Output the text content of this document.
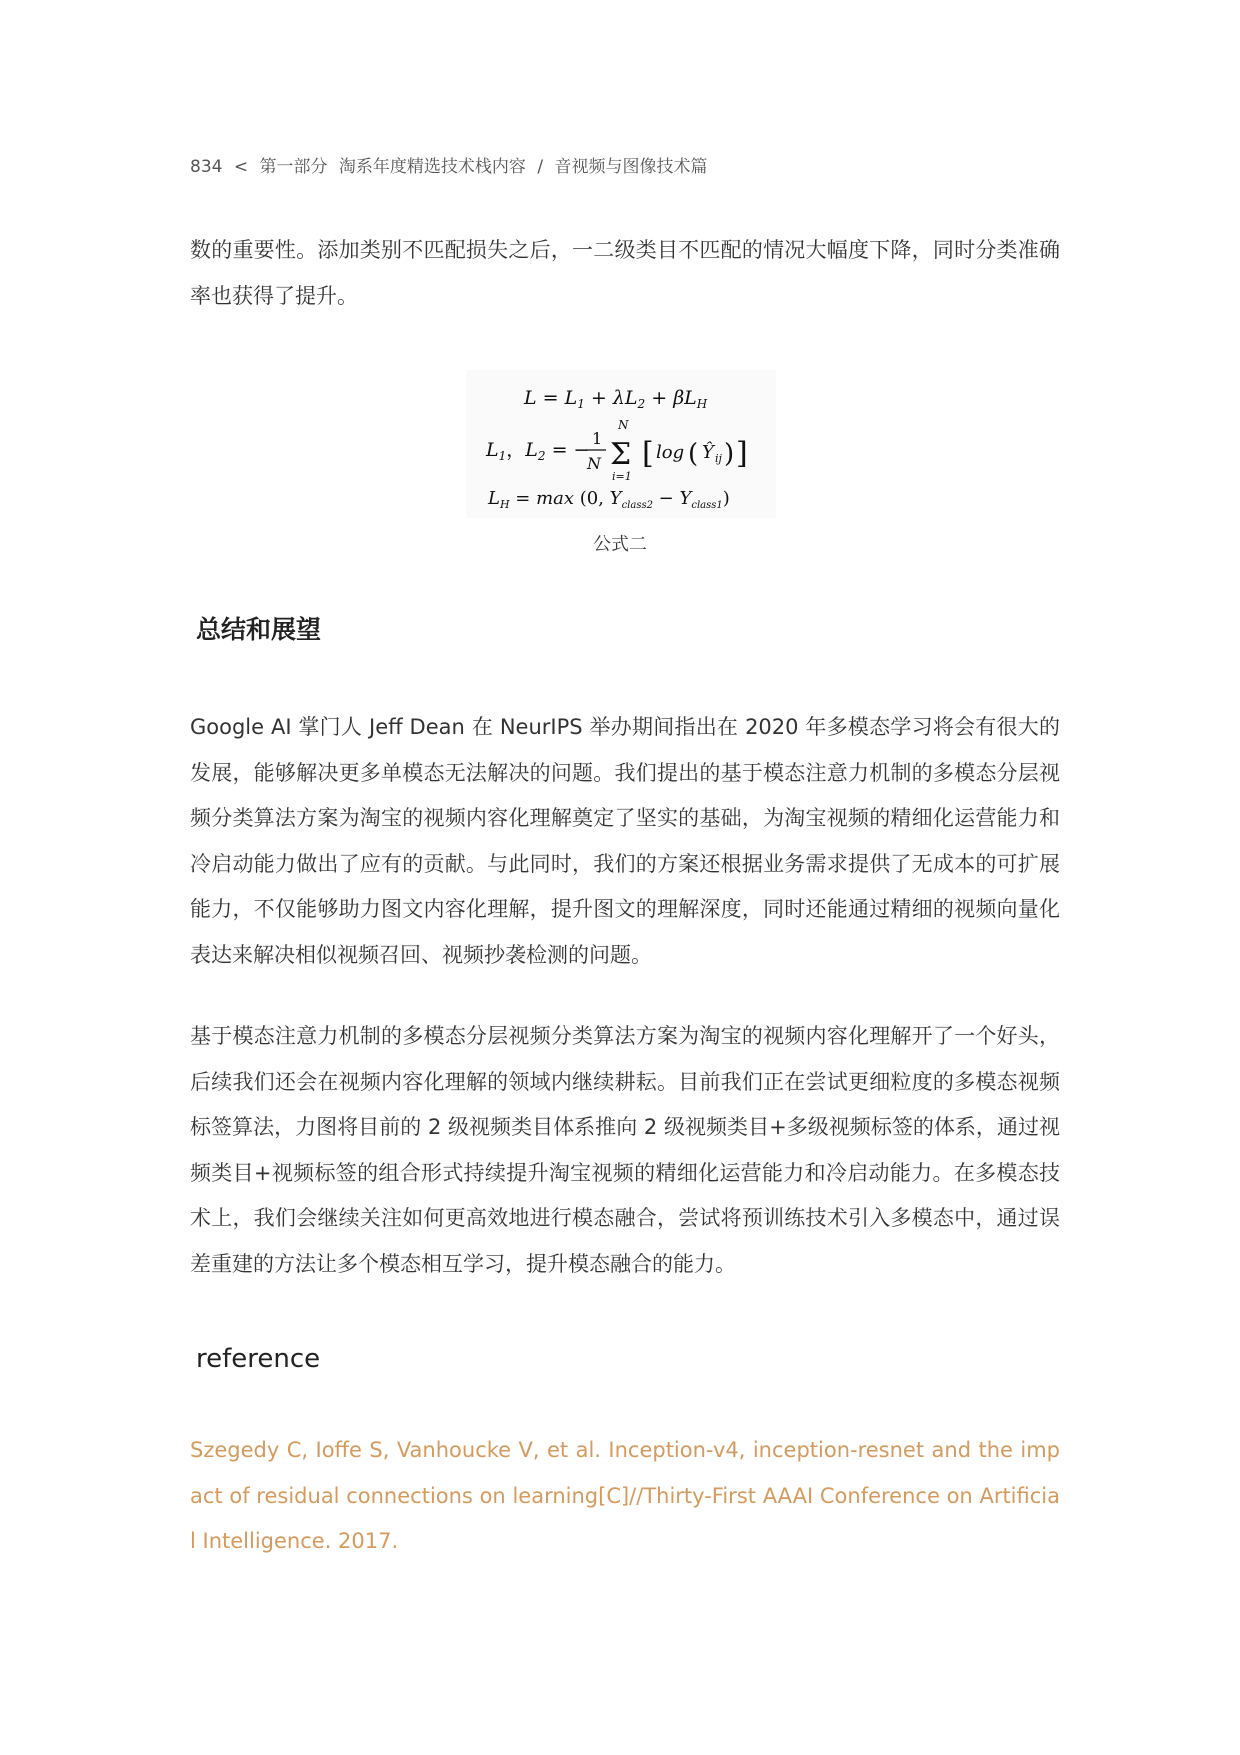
834 < 第一部分 淘系年度精选技术栈内容 / 音视频与图像技术篇

数的重要性。添加类别不匹配损失之后，一二级类目不匹配的情况大幅度下降，同时分类准确率也获得了提升。

$L = L_1 + \lambda L_2 + \beta L_H$
$L_1$，$L_2$ = −
1
N
N
Σ
i=1
[ log ( Ŷ ij ) ]
$L_H = \max (0$, $Y_{class2} - Y_{class1}$)
公式二
总结和展望

Google AI 掌门人 Jeff Dean 在 NeurIPS 举办期间指出在 2020 年多模态学习将会有很大的发展，能够解决更多单模态无法解决的问题。我们提出的基于模态注意力机制的多模态分层视频分类算法方案为淘宝的视频内容化理解奠定了坚实的基础，为淘宝视频的精细化运营能力和冷启动能力做出了应有的贡献。与此同时，我们的方案还根据业务需求提供了无成本的可扩展能力，不仅能够助力图文内容化理解，提升图文的理解深度，同时还能通过精细的视频向量化表达来解决相似视频召回、视频抄袭检测的问题。

基于模态注意力机制的多模态分层视频分类算法方案为淘宝的视频内容化理解开了一个好头，后续我们还会在视频内容化理解的领域内继续耕耘。目前我们正在尝试更细粒度的多模态视频标签算法，力图将目前的 2 级视频类目体系推向 2 级视频类目+多级视频标签的体系，通过视频类目+视频标签的组合形式持续提升淘宝视频的精细化运营能力和冷启动能力。在多模态技术上，我们会继续关注如何更高效地进行模态融合，尝试将预训练技术引入多模态中，通过误差重建的方法让多个模态相互学习，提升模态融合的能力。

reference

Szegedy C, Ioffe S, Vanhoucke V, et al. Inception-v4, inception-resnet and the impact of residual connections on learning[C]//Thirty-First AAAI Conference on Artificial Intelligence. 2017.
